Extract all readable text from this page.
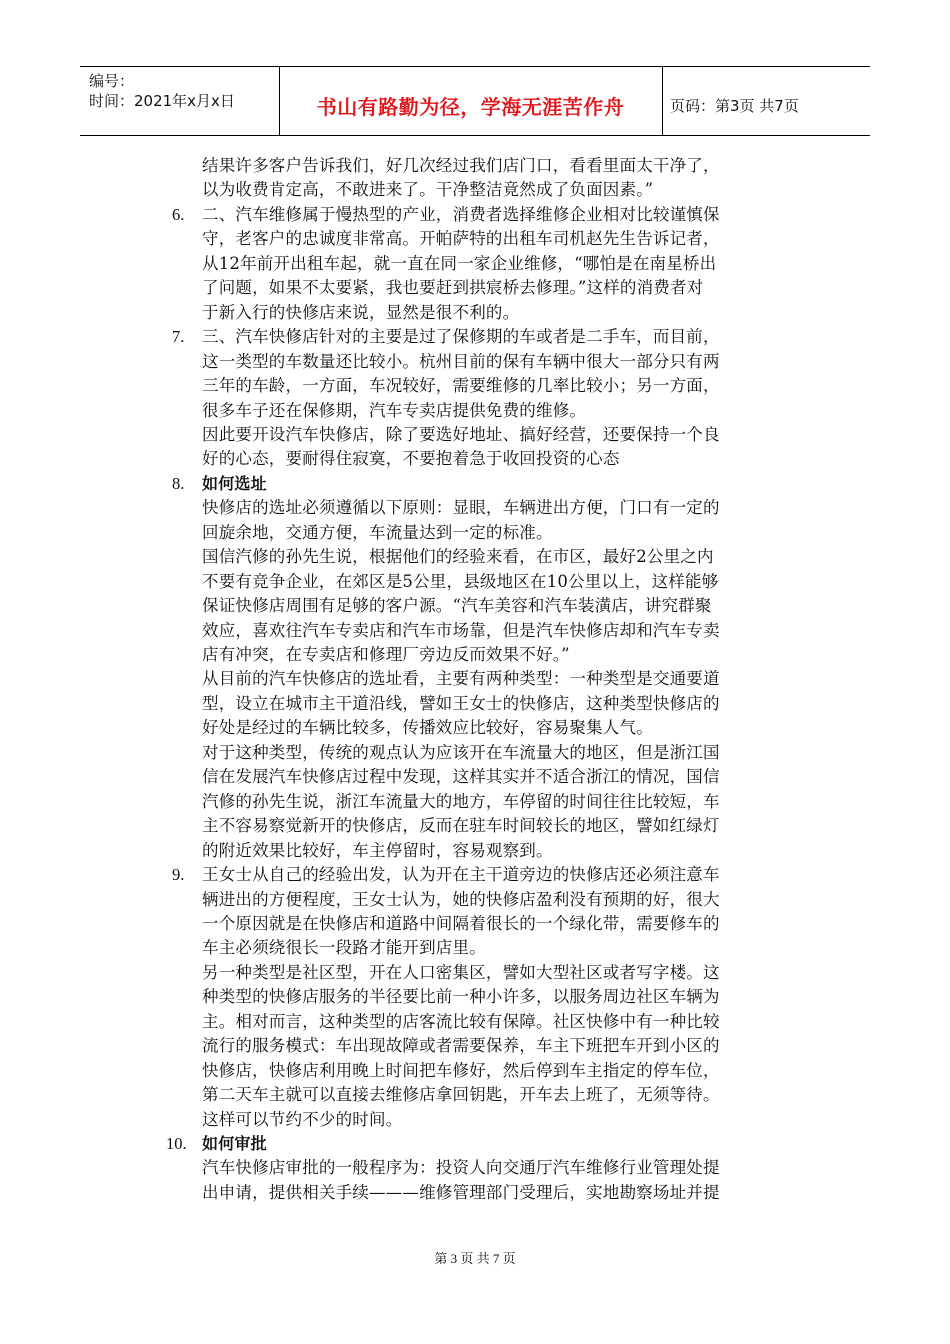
编号：
时间：2021年x月x日	书山有路勤为径，学海无涯苦作舟	页码：第3页 共7页
结果许多客户告诉我们，好几次经过我们店门口，看看里面太干净了，
以为收费肯定高，不敢进来了。干净整洁竟然成了负面因素。”
6. 二、汽车维修属于慢热型的产业，消费者选择维修企业相对比较谨慎保
守，老客户的忠诚度非常高。开帕萨特的出租车司机赵先生告诉记者，
从12年前开出租车起，就一直在同一家企业维修，“哪怕是在南星桥出
了问题，如果不太要紧，我也要赶到拱宸桥去修理。”这样的消费者对
于新入行的快修店来说，显然是很不利的。
7. 三、汽车快修店针对的主要是过了保修期的车或者是二手车，而目前，
这一类型的车数量还比较小。杭州目前的保有车辆中很大一部分只有两
三年的车龄，一方面，车况较好，需要维修的几率比较小；另一方面，
很多车子还在保修期，汽车专卖店提供免费的维修。
因此要开设汽车快修店，除了要选好地址、搞好经营，还要保持一个良
好的心态，要耐得住寂寞，不要抱着急于收回投资的心态
8. 如何选址
快修店的选址必须遵循以下原则：显眼，车辆进出方便，门口有一定的
回旋余地，交通方便，车流量达到一定的标准。
国信汽修的孙先生说，根据他们的经验来看，在市区，最好2公里之内
不要有竞争企业，在郊区是5公里，县级地区在10公里以上，这样能够
保证快修店周围有足够的客户源。“汽车美容和汽车装潢店，讲究群聚
效应，喜欢往汽车专卖店和汽车市场靠，但是汽车快修店却和汽车专卖
店有冲突，在专卖店和修理厂旁边反而效果不好。”
从目前的汽车快修店的选址看，主要有两种类型：一种类型是交通要道
型，设立在城市主干道沿线，譬如王女士的快修店，这种类型快修店的
好处是经过的车辆比较多，传播效应比较好，容易聚集人气。
对于这种类型，传统的观点认为应该开在车流量大的地区，但是浙江国
信在发展汽车快修店过程中发现，这样其实并不适合浙江的情况，国信
汽修的孙先生说，浙江车流量大的地方，车停留的时间往往比较短，车
主不容易察觉新开的快修店，反而在驻车时间较长的地区，譬如红绿灯
的附近效果比较好，车主停留时，容易观察到。
9. 王女士从自己的经验出发，认为开在主干道旁边的快修店还必须注意车
辆进出的方便程度，王女士认为，她的快修店盈利没有预期的好，很大
一个原因就是在快修店和道路中间隔着很长的一个绿化带，需要修车的
车主必须绕很长一段路才能开到店里。
另一种类型是社区型，开在人口密集区，譬如大型社区或者写字楼。这
种类型的快修店服务的半径要比前一种小许多，以服务周边社区车辆为
主。相对而言，这种类型的店客流比较有保障。社区快修中有一种比较
流行的服务模式：车出现故障或者需要保养，车主下班把车开到小区的
快修店，快修店利用晚上时间把车修好，然后停到车主指定的停车位，
第二天车主就可以直接去维修店拿回钥匙，开车去上班了，无须等待。
这样可以节约不少的时间。
10. 如何审批
汽车快修店审批的一般程序为：投资人向交通厅汽车维修行业管理处提
出申请，提供相关手续———维修管理部门受理后，实地勘察场址并提
第 3 页 共 7 页
